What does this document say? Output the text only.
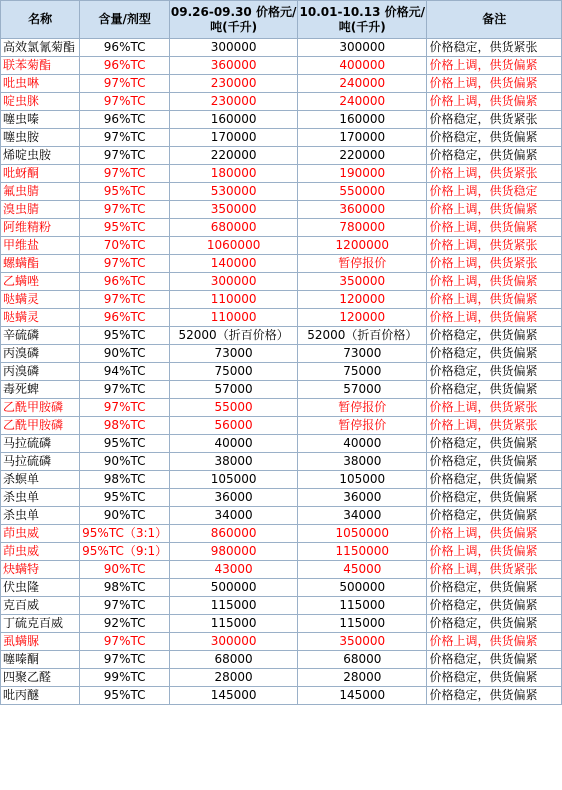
名称	含量/剂型	09.26-09.30 价格元/吨(千升)	10.01-10.13 价格元/吨(千升)	备注
高效氯氰菊酯	96%TC	300000	300000	价格稳定，供货紧张
联苯菊酯	96%TC	360000	400000	价格上调，供货偏紧
吡虫啉	97%TC	230000	240000	价格上调，供货偏紧
啶虫脒	97%TC	230000	240000	价格上调，供货偏紧
噻虫嗪	96%TC	160000	160000	价格稳定，供货紧张
噻虫胺	97%TC	170000	170000	价格稳定，供货偏紧
烯啶虫胺	97%TC	220000	220000	价格稳定，供货偏紧
吡蚜酮	97%TC	180000	190000	价格上调，供货紧张
氟虫腈	95%TC	530000	550000	价格上调，供货稳定
溴虫腈	97%TC	350000	360000	价格上调，供货偏紧
阿维精粉	95%TC	680000	780000	价格上调，供货偏紧
甲维盐	70%TC	1060000	1200000	价格上调，供货紧张
螺螨酯	97%TC	140000	暂停报价	价格上调，供货紧张
乙螨唑	96%TC	300000	350000	价格上调，供货偏紧
哒螨灵	97%TC	110000	120000	价格上调，供货偏紧
哒螨灵	96%TC	110000	120000	价格上调，供货偏紧
辛硫磷	95%TC	52000（折百价格）	52000（折百价格）	价格稳定，供货偏紧
丙溴磷	90%TC	73000	73000	价格稳定，供货偏紧
丙溴磷	94%TC	75000	75000	价格稳定，供货偏紧
毒死蜱	97%TC	57000	57000	价格稳定，供货偏紧
乙酰甲胺磷	97%TC	55000	暂停报价	价格上调，供货紧张
乙酰甲胺磷	98%TC	56000	暂停报价	价格上调，供货紧张
马拉硫磷	95%TC	40000	40000	价格稳定，供货偏紧
马拉硫磷	90%TC	38000	38000	价格稳定，供货偏紧
杀螟单	98%TC	105000	105000	价格稳定，供货偏紧
杀虫单	95%TC	36000	36000	价格稳定，供货偏紧
杀虫单	90%TC	34000	34000	价格稳定，供货偏紧
茚虫威	95%TC（3:1）	860000	1050000	价格上调，供货偏紧
茚虫威	95%TC（9:1）	980000	1150000	价格上调，供货偏紧
炔螨特	90%TC	43000	45000	价格上调，供货紧张
伏虫隆	98%TC	500000	500000	价格稳定，供货偏紧
克百威	97%TC	115000	115000	价格稳定，供货偏紧
丁硫克百威	92%TC	115000	115000	价格稳定，供货偏紧
虱螨脲	97%TC	300000	350000	价格上调，供货偏紧
噻嗪酮	97%TC	68000	68000	价格稳定，供货偏紧
四聚乙醛	99%TC	28000	28000	价格稳定，供货偏紧
吡丙醚	95%TC	145000	145000	价格稳定，供货偏紧
